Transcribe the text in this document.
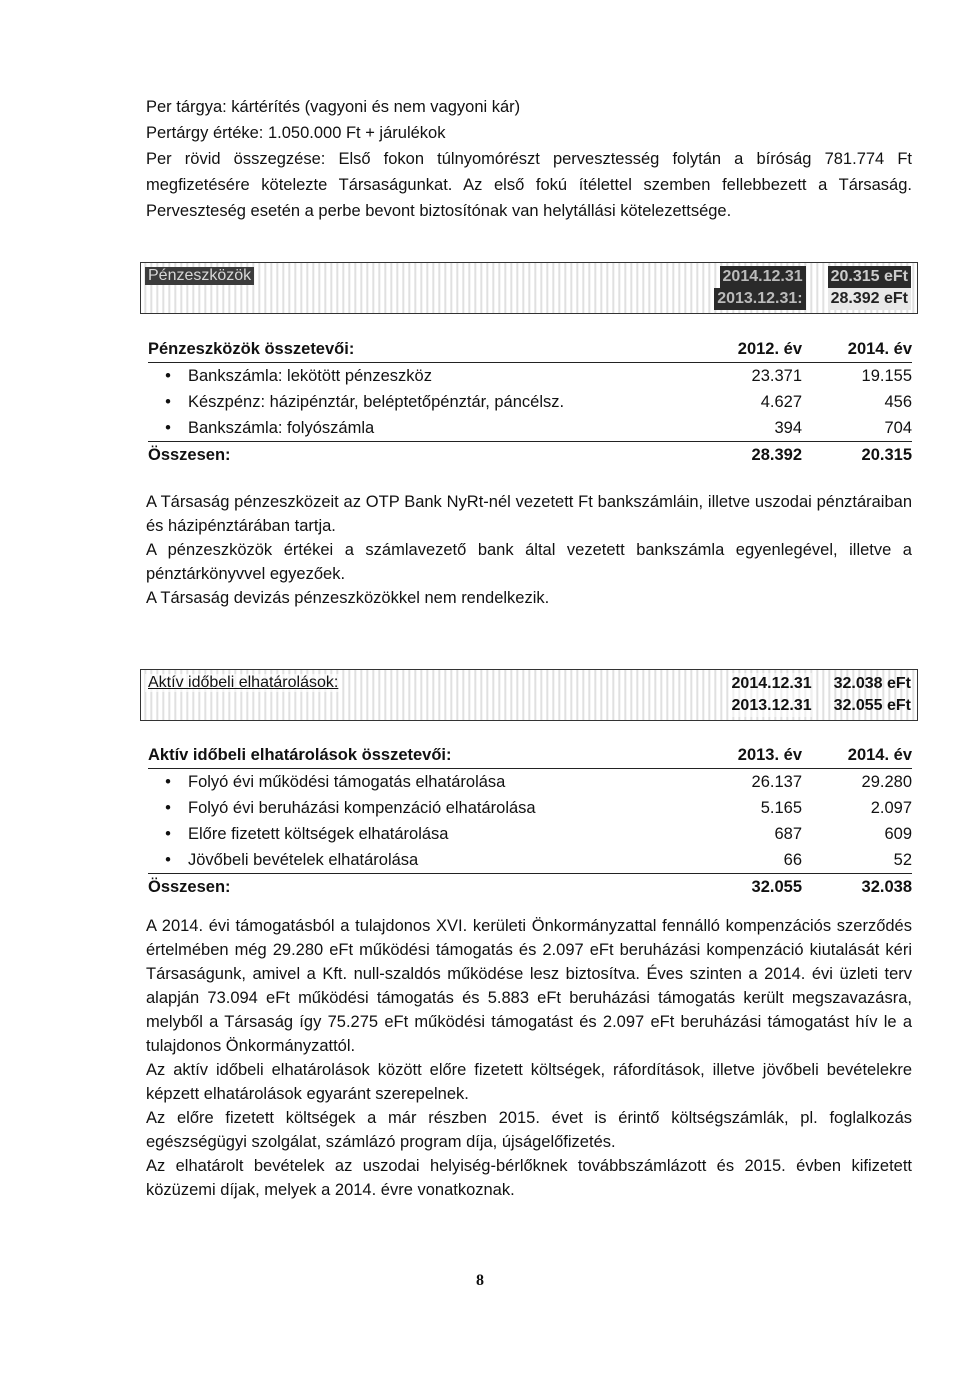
Per tárgya: kártérítés (vagyoni és nem vagyoni kár)

Pertárgy értéke: 1.050.000 Ft + járulékok

Per rövid összegzése: Első fokon túlnyomórészt pervesztesség folytán a bíróság 781.774 Ft megfizetésére kötelezte Társaságunkat. Az első fokú ítélettel szemben fellebbezett a Társaság. Perveszteség esetén a perbe bevont biztosítónak van helytállási kötelezettsége.

Pénzeszközök	2014.12.31 20.315 eFt
2013.12.31: 28.392 eFt
Pénzeszközök összetevői:	2012. év	2014. év
• Bankszámla: lekötött pénzeszköz	23.371	19.155
• Készpénz: házipénztár, beléptetőpénztár, páncélsz.	4.627	456
• Bankszámla: folyószámla	394	704
Összesen:	28.392	20.315

A Társaság pénzeszközeit az OTP Bank NyRt-nél vezetett Ft bankszámláin, illetve uszodai pénztáraiban és házipénztárában tartja.

A pénzeszközök értékei a számlavezető bank által vezetett bankszámla egyenlegével, illetve a pénztárkönyvvel egyezőek.

A Társaság devizás pénzeszközökkel nem rendelkezik.

Aktív időbeli elhatárolások:	2014.12.31 32.038 eFt
2013.12.31 32.055 eFt
Aktív időbeli elhatárolások összetevői:	2013. év	2014. év
• Folyó évi működési támogatás elhatárolása	26.137	29.280
• Folyó évi beruházási kompenzáció elhatárolása	5.165	2.097
• Előre fizetett költségek elhatárolása	687	609
• Jövőbeli bevételek elhatárolása	66	52
Összesen:	32.055	32.038

A 2014. évi támogatásból a tulajdonos XVI. kerületi Önkormányzattal fennálló kompenzációs szerződés értelmében még 29.280 eFt működési támogatás és 2.097 eFt beruházási kompenzáció kiutalását kéri Társaságunk, amivel a Kft. null-szaldós működése lesz biztosítva. Éves szinten a 2014. évi üzleti terv alapján 73.094 eFt működési támogatás és 5.883 eFt beruházási támogatás került megszavazásra, melyből a Társaság így 75.275 eFt működési támogatást és 2.097 eFt beruházási támogatást hív le a tulajdonos Önkormányzattól.

Az aktív időbeli elhatárolások között előre fizetett költségek, ráfordítások, illetve jövőbeli bevételekre képzett elhatárolások egyaránt szerepelnek.

Az előre fizetett költségek a már részben 2015. évet is érintő költségszámlák, pl. foglalkozás egészségügyi szolgálat, számlázó program díja, újságelőfizetés.

Az elhatárolt bevételek az uszodai helyiség-bérlőknek továbbszámlázott és 2015. évben kifizetett közüzemi díjak, melyek a 2014. évre vonatkoznak.

8
